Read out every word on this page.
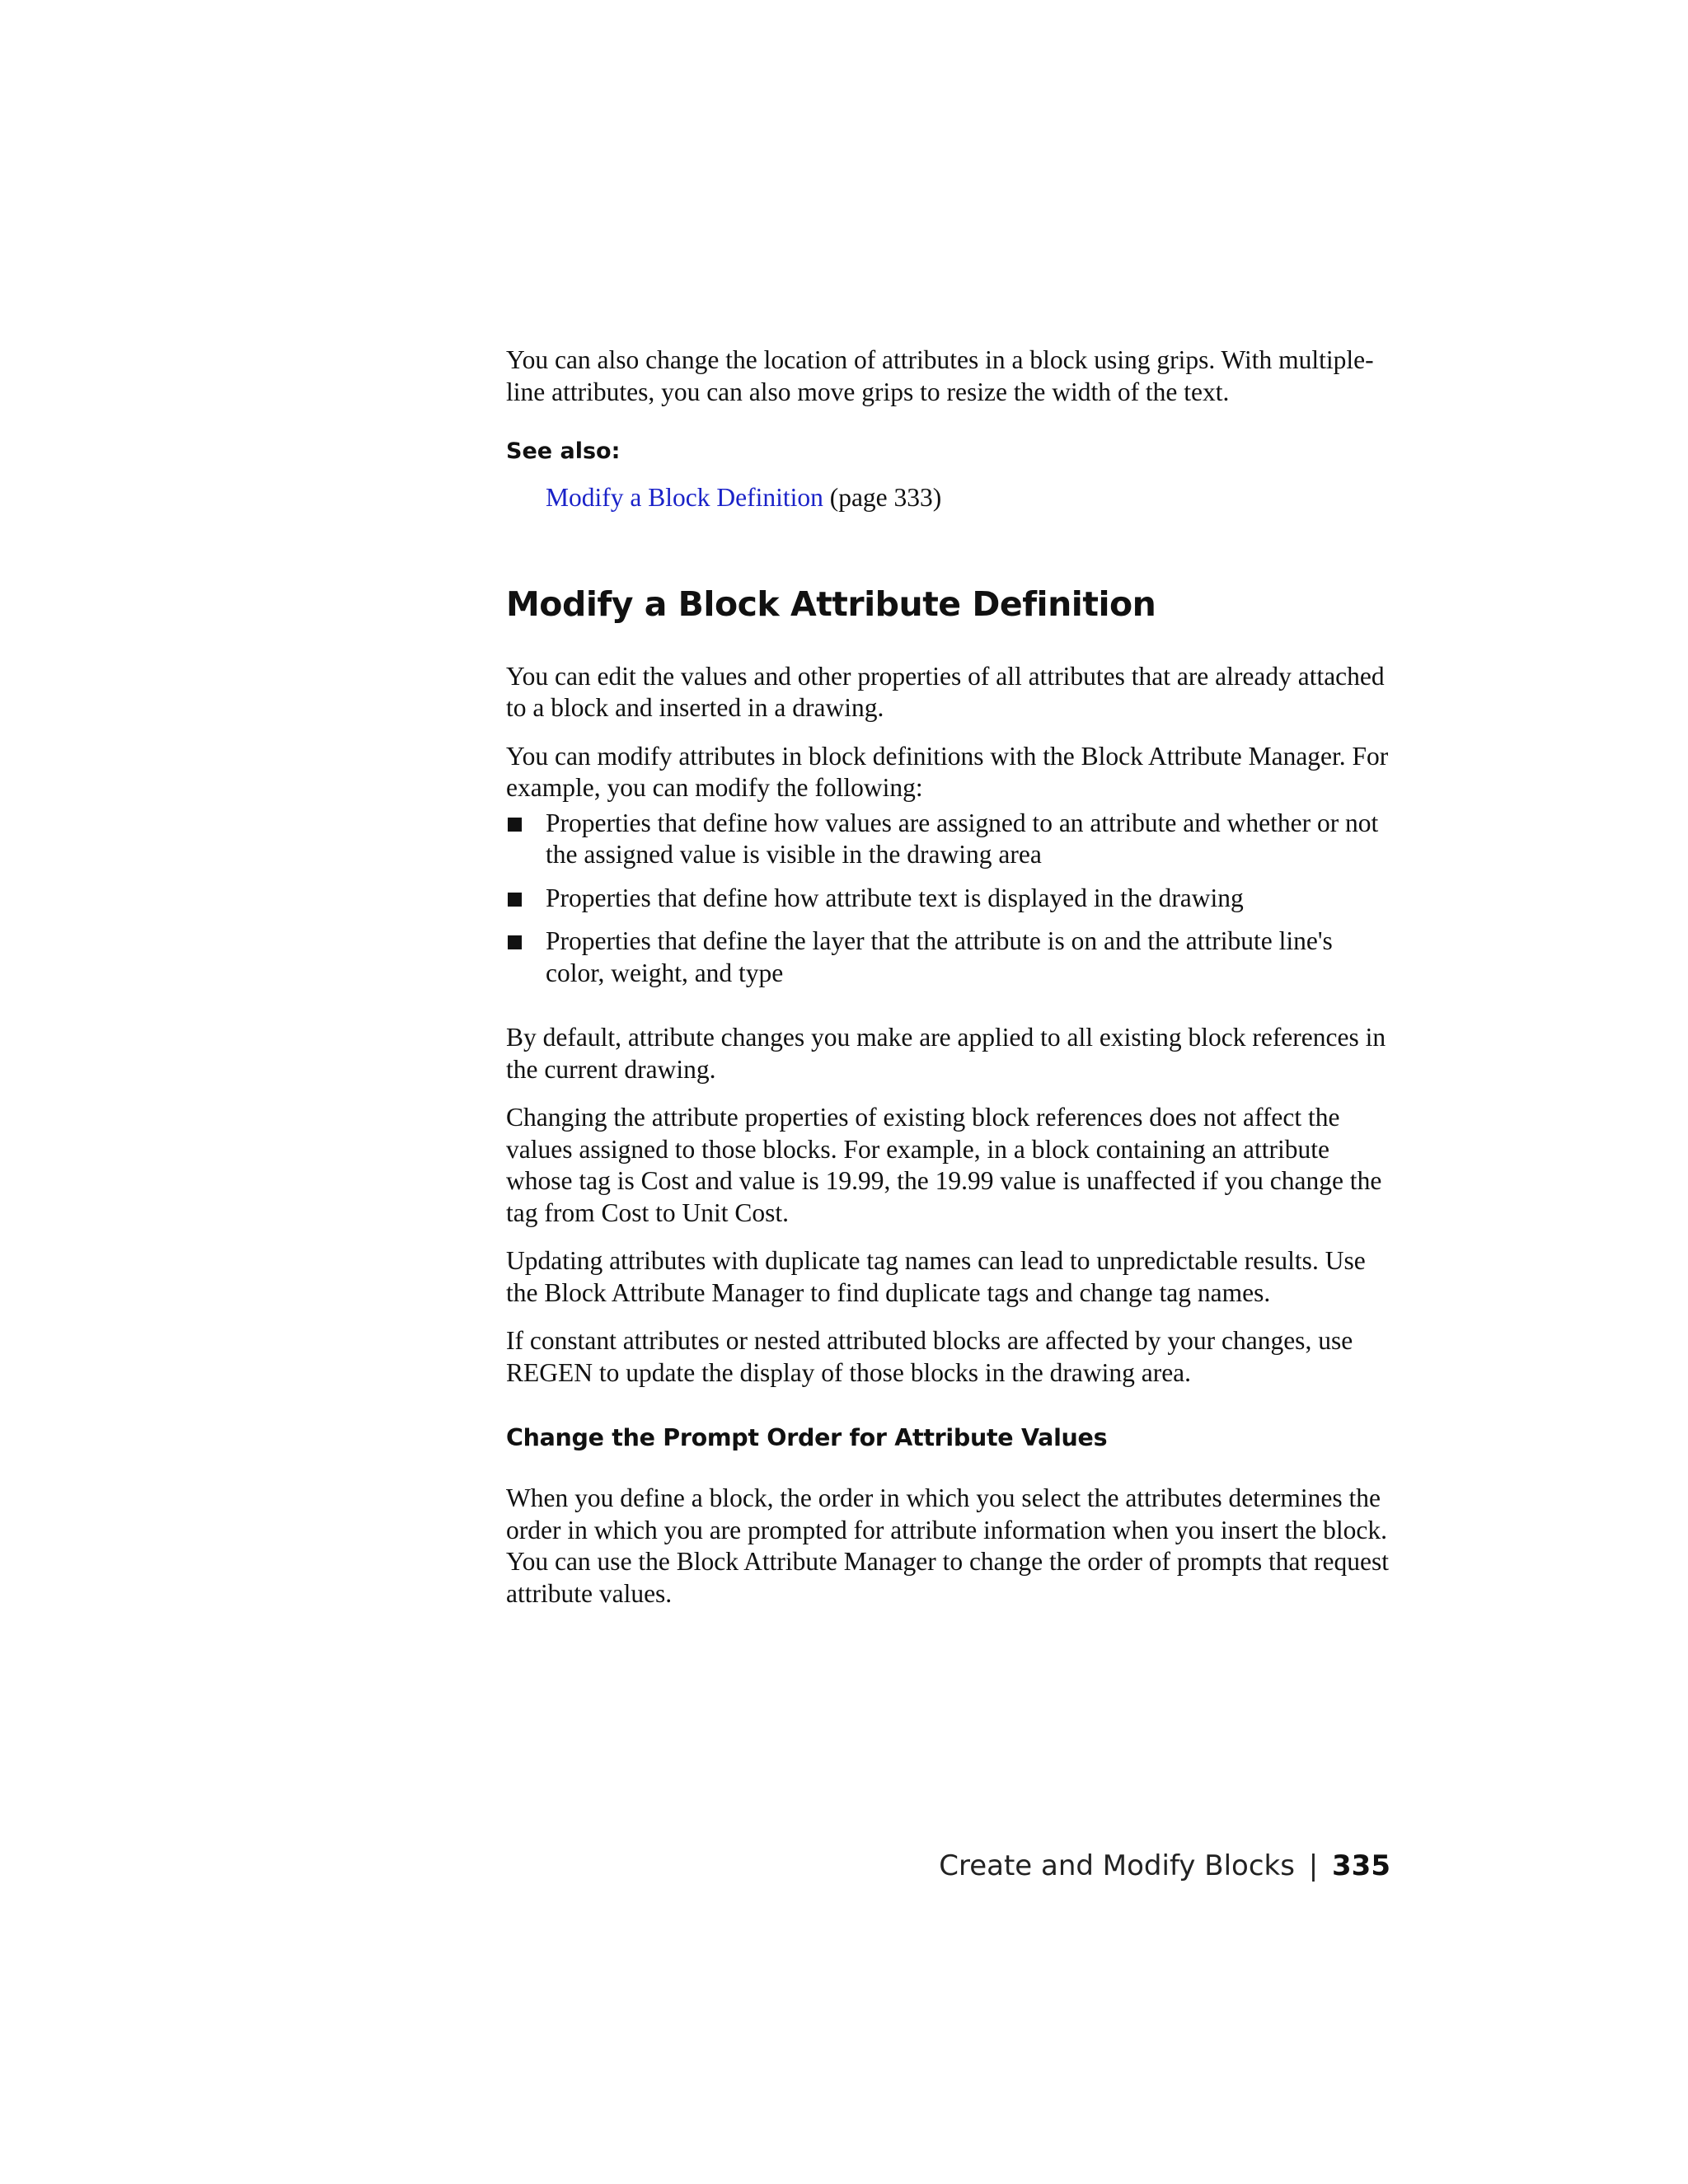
You can also change the location of attributes in a block using grips. With multiple-line attributes, you can also move grips to resize the width of the text.

See also:
Modify a Block Definition (page 333)
Modify a Block Attribute Definition

You can edit the values and other properties of all attributes that are already attached to a block and inserted in a drawing.

You can modify attributes in block definitions with the Block Attribute Manager. For example, you can modify the following:

Properties that define how values are assigned to an attribute and whether or not the assigned value is visible in the drawing area
Properties that define how attribute text is displayed in the drawing
Properties that define the layer that the attribute is on and the attribute line's color, weight, and type

By default, attribute changes you make are applied to all existing block references in the current drawing.

Changing the attribute properties of existing block references does not affect the values assigned to those blocks. For example, in a block containing an attribute whose tag is Cost and value is 19.99, the 19.99 value is unaffected if you change the tag from Cost to Unit Cost.

Updating attributes with duplicate tag names can lead to unpredictable results. Use the Block Attribute Manager to find duplicate tags and change tag names.

If constant attributes or nested attributed blocks are affected by your changes, use REGEN to update the display of those blocks in the drawing area.

Change the Prompt Order for Attribute Values

When you define a block, the order in which you select the attributes determines the order in which you are prompted for attribute information when you insert the block. You can use the Block Attribute Manager to change the order of prompts that request attribute values.

Create and Modify Blocks | 335
